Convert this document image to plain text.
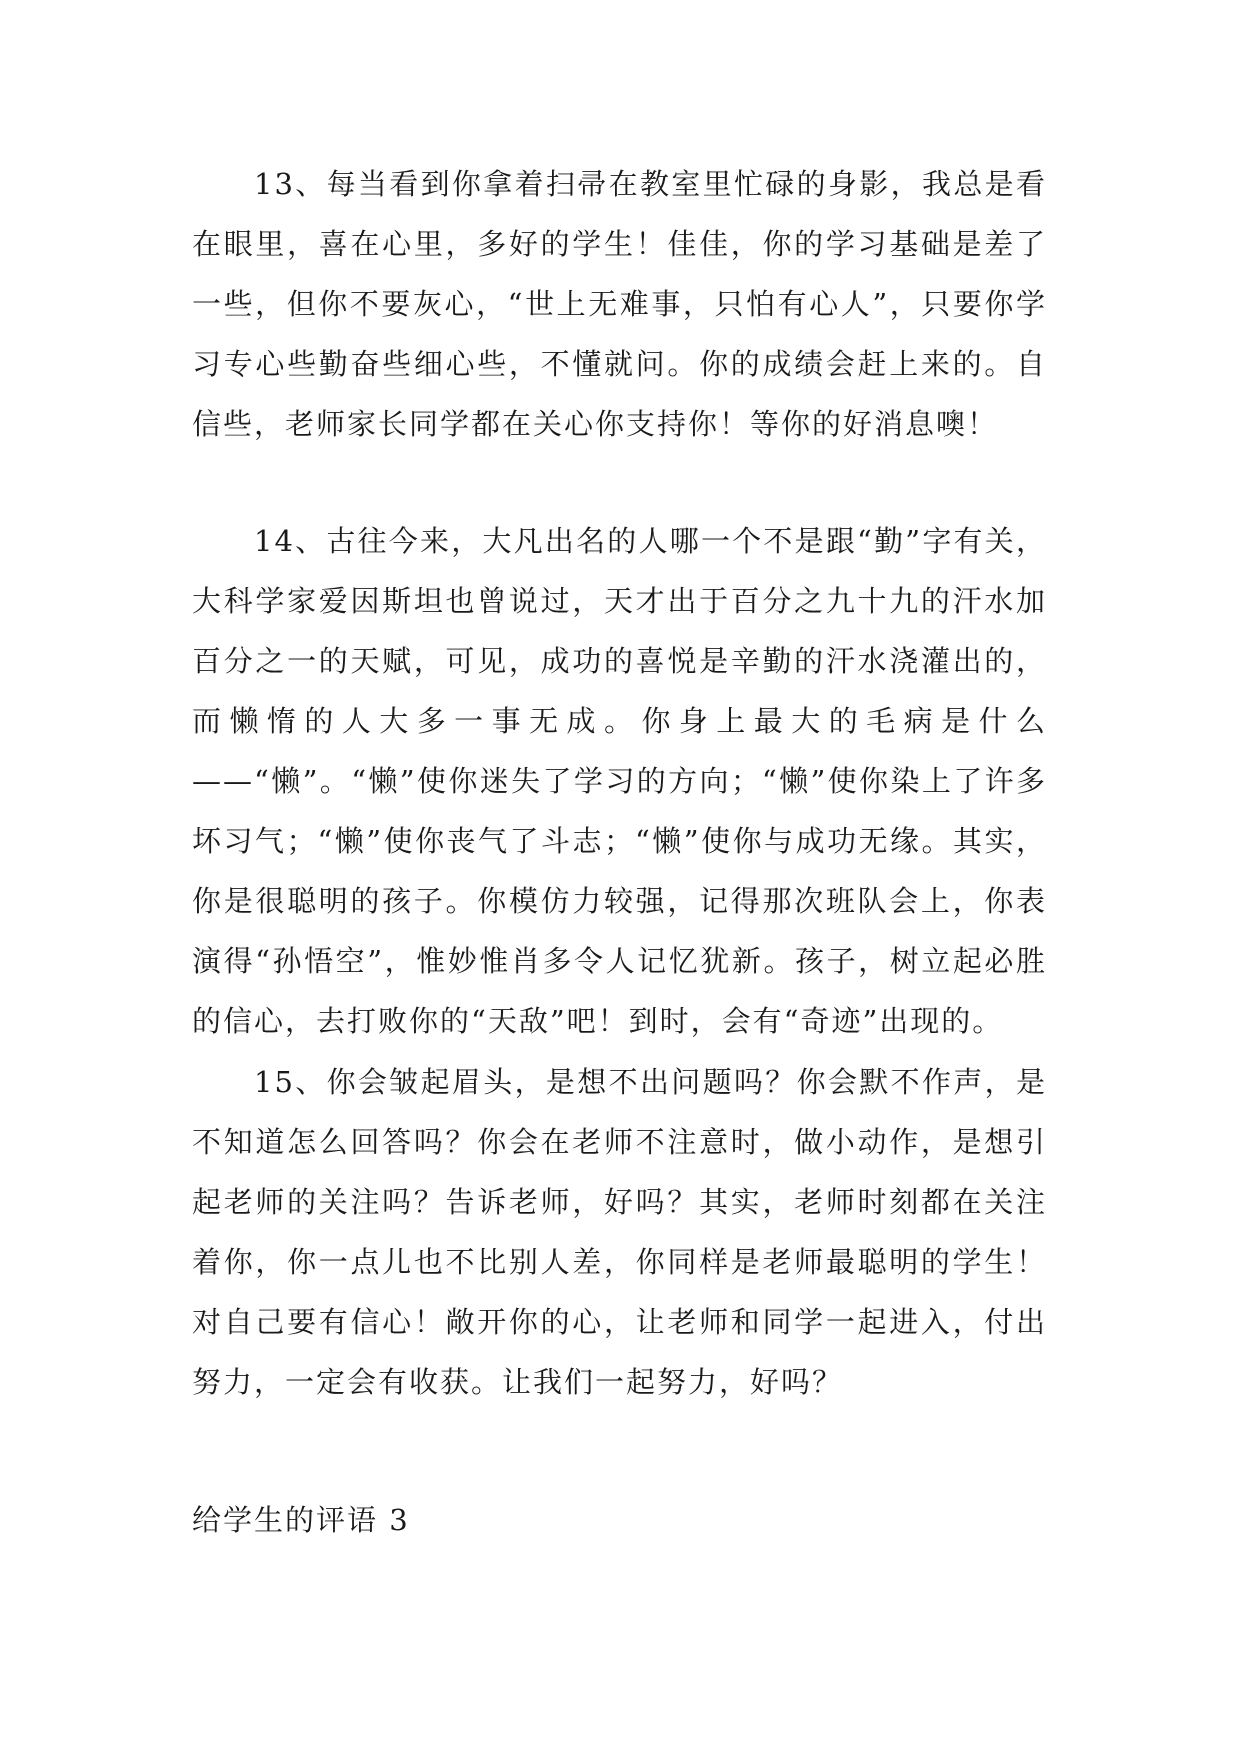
13、每当看到你拿着扫帚在教室里忙碌的身影，我总是看在眼里，喜在心里，多好的学生！佳佳，你的学习基础是差了一些，但你不要灰心，“世上无难事，只怕有心人”，只要你学习专心些勤奋些细心些，不懂就问。你的成绩会赶上来的。自信些，老师家长同学都在关心你支持你！等你的好消息噢！

14、古往今来，大凡出名的人哪一个不是跟“勤”字有关，大科学家爱因斯坦也曾说过，天才出于百分之九十九的汗水加百分之一的天赋，可见，成功的喜悦是辛勤的汗水浇灌出的，而懒惰的人大多一事无成。你身上最大的毛病是什么——“懒”。“懒”使你迷失了学习的方向；“懒”使你染上了许多坏习气；“懒”使你丧气了斗志；“懒”使你与成功无缘。其实，你是很聪明的孩子。你模仿力较强，记得那次班队会上，你表演得“孙悟空”，惟妙惟肖多令人记忆犹新。孩子，树立起必胜的信心，去打败你的“天敌”吧！到时，会有“奇迹”出现的。

15、你会皱起眉头，是想不出问题吗？你会默不作声，是不知道怎么回答吗？你会在老师不注意时，做小动作，是想引起老师的关注吗？告诉老师，好吗？其实，老师时刻都在关注着你，你一点儿也不比别人差，你同样是老师最聪明的学生！对自己要有信心！敞开你的心，让老师和同学一起进入，付出努力，一定会有收获。让我们一起努力，好吗？

给学生的评语 3
